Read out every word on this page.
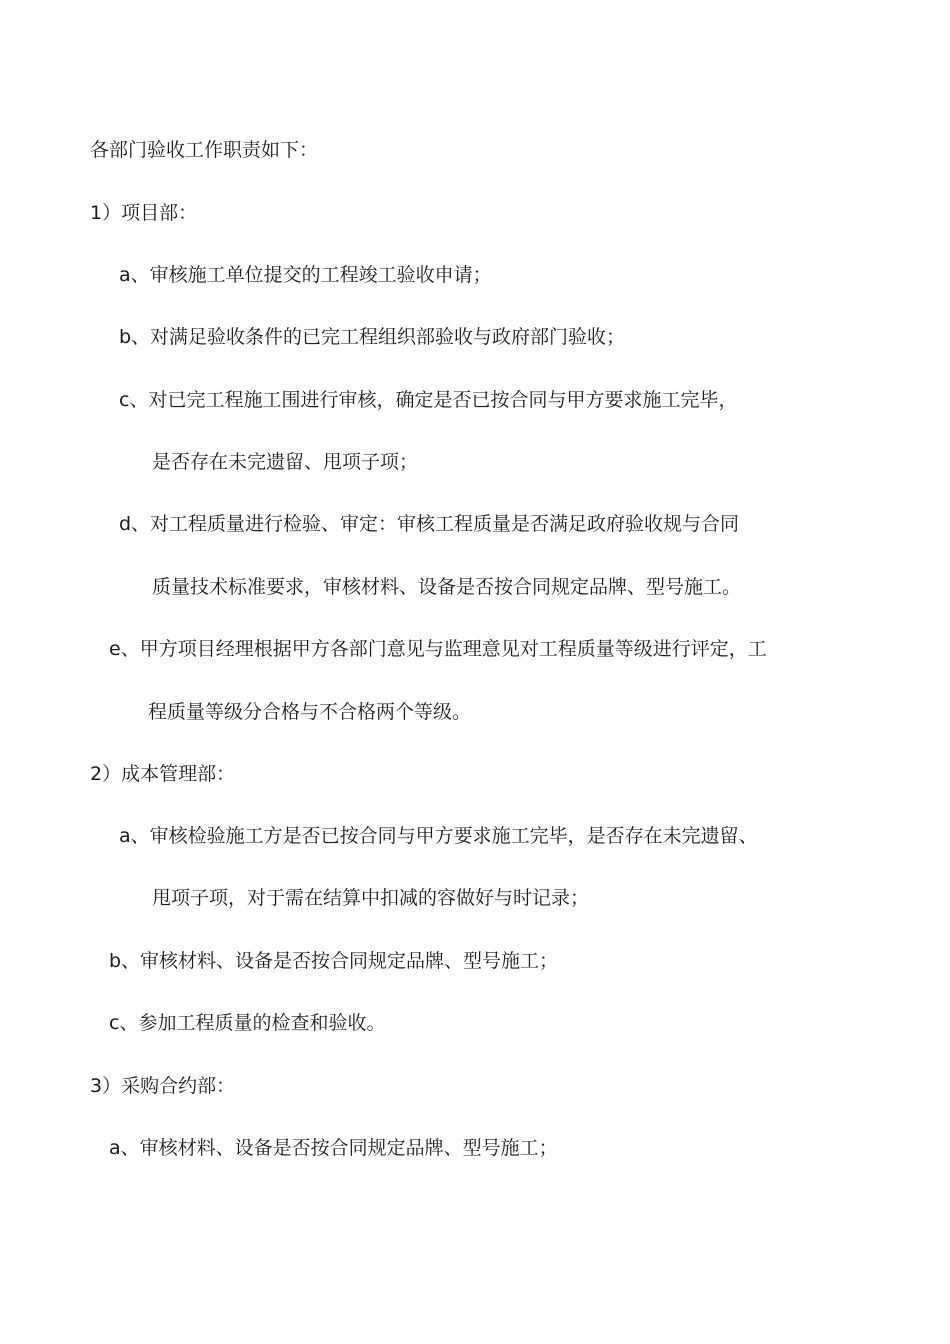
各部门验收工作职责如下：
1）项目部：
a、审核施工单位提交的工程竣工验收申请；
b、对满足验收条件的已完工程组织部验收与政府部门验收；
c、对已完工程施工围进行审核，确定是否已按合同与甲方要求施工完毕，
是否存在未完遗留、甩项子项；
d、对工程质量进行检验、审定：审核工程质量是否满足政府验收规与合同
质量技术标准要求，审核材料、设备是否按合同规定品牌、型号施工。
e、甲方项目经理根据甲方各部门意见与监理意见对工程质量等级进行评定，工
程质量等级分合格与不合格两个等级。
2）成本管理部：
a、审核检验施工方是否已按合同与甲方要求施工完毕，是否存在未完遗留、
甩项子项，对于需在结算中扣减的容做好与时记录；
b、审核材料、设备是否按合同规定品牌、型号施工；
c、参加工程质量的检查和验收。
3）采购合约部：
a、审核材料、设备是否按合同规定品牌、型号施工；
